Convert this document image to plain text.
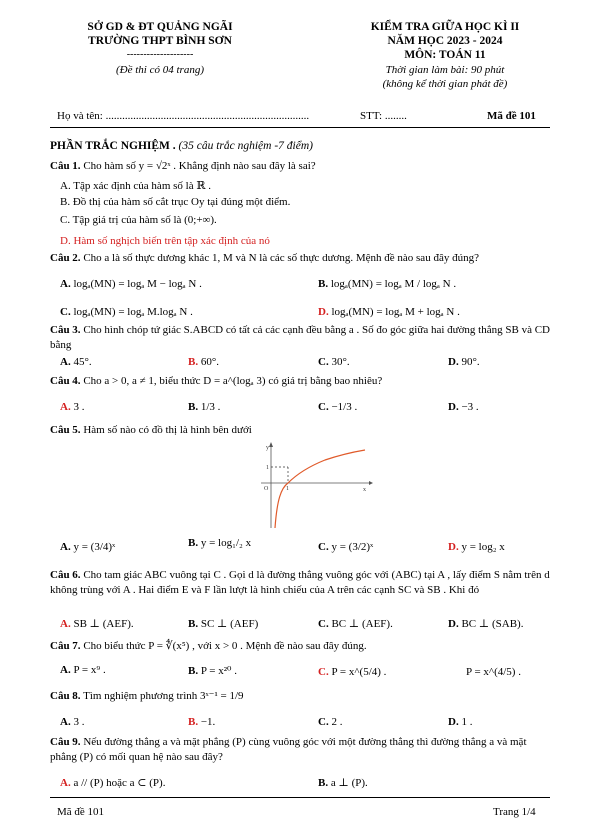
SỞ GD & ĐT QUẢNG NGÃI
TRƯỜNG THPT BÌNH SƠN
--------------------
(Đề thi có 04 trang)
KIỂM TRA GIỮA HỌC KÌ II
NĂM HỌC 2023 - 2024
MÔN: TOÁN 11
Thời gian làm bài: 90 phút
(không kể thời gian phát đề)
Họ và tên: ..........................................................................	STT: ........	Mã đề 101
PHẦN TRẮC NGHIỆM . (35 câu trắc nghiệm -7 điểm)
Câu 1. Cho hàm số y = √2ˣ . Khẳng định nào sau đây là sai?
A. Tập xác định của hàm số là ℝ .
B. Đồ thị của hàm số cắt trục Oy tại đúng một điểm.
C. Tập giá trị của hàm số là (0;+∞).
D. Hàm số nghịch biến trên tập xác định của nó
Câu 2. Cho a là số thực dương khác 1, M và N là các số thực dương. Mệnh đề nào sau đây đúng?
A. logₐ(MN) = logₐ M − logₐ N .	B. logₐ(MN) = logₐ M / logₐ N .
C. logₐ(MN) = logₐ M.logₐ N .	D. logₐ(MN) = logₐ M + logₐ N .
Câu 3. Cho hình chóp tứ giác S.ABCD có tất cả các cạnh đều bằng a . Số đo góc giữa hai đường thẳng SB và CD bằng
A. 45°.	B. 60°.	C. 30°.	D. 90°.
Câu 4. Cho a > 0, a ≠ 1, biểu thức D = a^(logₐ 3) có giá trị bằng bao nhiêu?
A. 3 .	B. 1/3 .	C. −1/3 .	D. −3 .
Câu 5. Hàm số nào có đồ thị là hình bên dưới
y
x
O
1
1
A. y = (3/4)ˣ	B. y = log₁/₂ x	C. y = (3/2)ˣ	D. y = log₂ x
Câu 6. Cho tam giác ABC vuông tại C . Gọi d là đường thẳng vuông góc với (ABC) tại A , lấy điểm S nằm trên d không trùng với A . Hai điểm E và F lần lượt là hình chiếu của A trên các cạnh SC và SB . Khi đó
A. SB ⊥ (AEF).	B. SC ⊥ (AEF)	C. BC ⊥ (AEF).	D. BC ⊥ (SAB).
Câu 7. Cho biểu thức P = ∜(x⁵) , với x > 0 . Mệnh đề nào sau đây đúng.
A. P = x⁹ .	B. P = x²⁰ .	C. P = x^(5/4) .	P = x^(4/5) .
Câu 8. Tìm nghiệm phương trình 3ˣ⁻¹ = 1/9
A. 3 .	B. −1.	C. 2 .	D. 1 .
Câu 9. Nếu đường thẳng a và mặt phẳng (P) cùng vuông góc với một đường thẳng thì đường thẳng a và mặt phẳng (P) có mối quan hệ nào sau đây?
A. a // (P) hoặc a ⊂ (P).	B. a ⊥ (P).
Mã đề 101	Trang 1/4
